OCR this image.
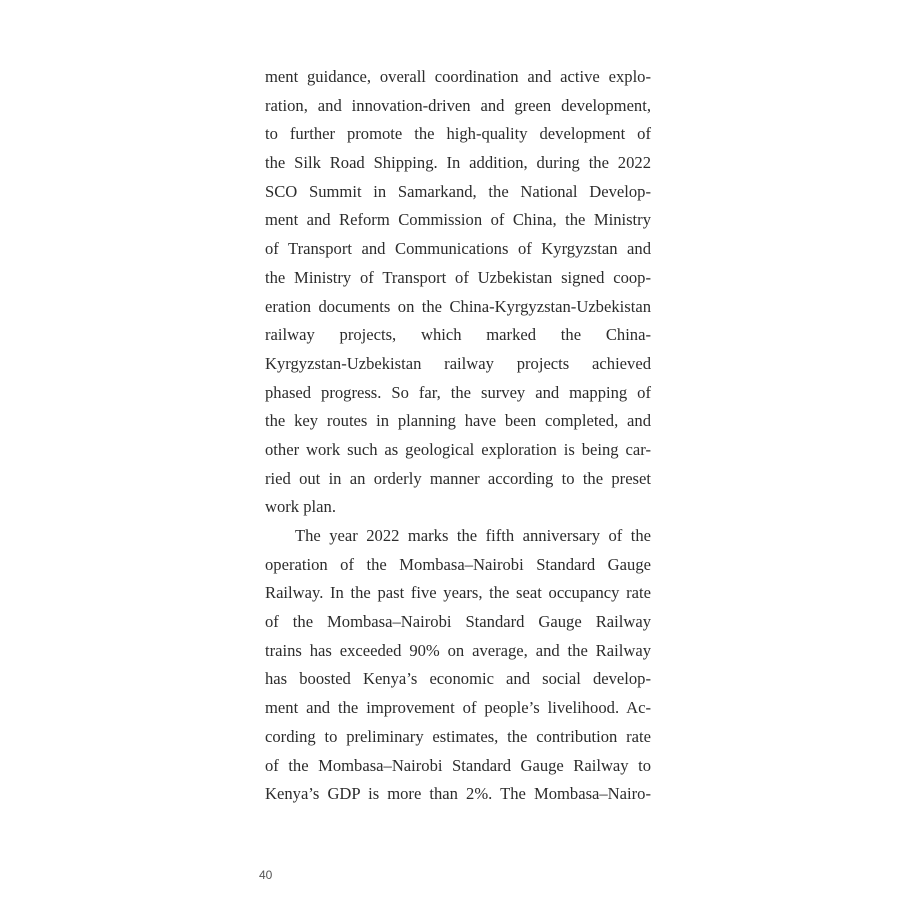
ment guidance, overall coordination and active explo-
ration, and innovation-driven and green development,
to further promote the high-quality development of
the Silk Road Shipping. In addition, during the 2022
SCO Summit in Samarkand, the National Develop-
ment and Reform Commission of China, the Ministry
of Transport and Communications of Kyrgyzstan and
the Ministry of Transport of Uzbekistan signed coop-
eration documents on the China-Kyrgyzstan-Uzbekistan
railway projects, which marked the China-
Kyrgyzstan-Uzbekistan railway projects achieved
phased progress. So far, the survey and mapping of
the key routes in planning have been completed, and
other work such as geological exploration is being car-
ried out in an orderly manner according to the preset
work plan.
The year 2022 marks the fifth anniversary of the
operation of the Mombasa–Nairobi Standard Gauge
Railway. In the past five years, the seat occupancy rate
of the Mombasa–Nairobi Standard Gauge Railway
trains has exceeded 90% on average, and the Railway
has boosted Kenya’s economic and social develop-
ment and the improvement of people’s livelihood. Ac-
cording to preliminary estimates, the contribution rate
of the Mombasa–Nairobi Standard Gauge Railway to
Kenya’s GDP is more than 2%. The Mombasa–Nairo-
40
